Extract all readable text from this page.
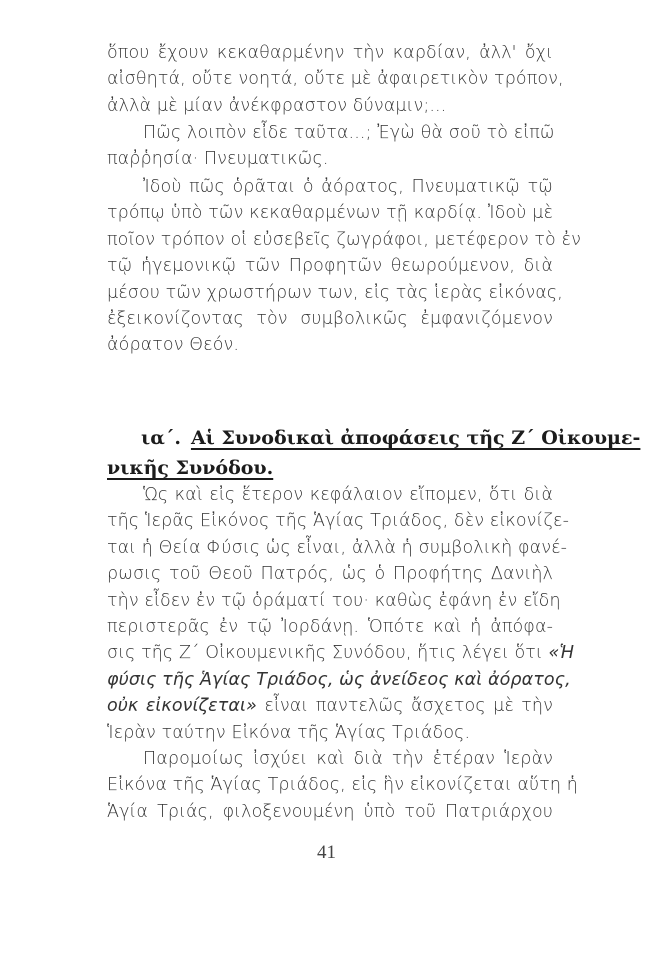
ὅπου ἔχουν κεκαθαρμένην τὴν καρδίαν, ἀλλ' ὄχι
αἰσθητά, οὔτε νοητά, οὔτε μὲ ἀφαιρετικὸν τρόπον,
ἀλλὰ μὲ μίαν ἀνέκφραστον δύναμιν;...
Πῶς λοιπὸν εἶδε ταῦτα...; Ἐγὼ θὰ σοῦ τὸ εἰπῶ
παῤῥησία· Πνευματικῶς.
Ἰδοὺ πῶς ὁρᾶται ὁ ἀόρατος, Πνευματικῷ τῷ
τρόπῳ ὑπὸ τῶν κεκαθαρμένων τῇ καρδίᾳ. Ἰδοὺ μὲ
ποῖον τρόπον οἱ εὐσεβεῖς ζωγράφοι, μετέφερον τὸ ἐν
τῷ ἡγεμονικῷ τῶν Προφητῶν θεωρούμενον, διὰ
μέσου τῶν χρωστήρων των, εἰς τὰς ἱερὰς εἰκόνας,
ἐξεικονίζοντας τὸν συμβολικῶς ἐμφανιζόμενον
ἀόρατον Θεόν.
ια΄. Αἱ Συνοδικαὶ ἀποφάσεις τῆς Ζ΄ Οἰκουμε-
νικῆς Συνόδου.
Ὡς καὶ εἰς ἕτερον κεφάλαιον εἴπομεν, ὅτι διὰ
τῆς Ἱερᾶς Εἰκόνος τῆς Ἁγίας Τριάδος, δὲν εἰκονίζε-
ται ἡ Θεία Φύσις ὡς εἶναι, ἀλλὰ ἡ συμβολικὴ φανέ-
ρωσις τοῦ Θεοῦ Πατρός, ὡς ὁ Προφήτης Δανιὴλ
τὴν εἶδεν ἐν τῷ ὁράματί του· καθὼς ἐφάνη ἐν εἴδη
περιστερᾶς ἐν τῷ Ἰορδάνῃ. Ὁπότε καὶ ἡ ἀπόφα-
σις τῆς Ζ΄ Οἰκουμενικῆς Συνόδου, ἥτις λέγει ὅτι «Ἡ
φύσις τῆς Ἁγίας Τριάδος, ὡς ἀνείδεος καὶ ἀόρατος,
οὐκ εἰκονίζεται» εἶναι παντελῶς ἄσχετος μὲ τὴν
Ἱερὰν ταύτην Εἰκόνα τῆς Ἁγίας Τριάδος.
Παρομοίως ἰσχύει καὶ διὰ τὴν ἑτέραν Ἱερὰν
Εἰκόνα τῆς Ἁγίας Τριάδος, εἰς ἣν εἰκονίζεται αὕτη ἡ
Ἁγία Τριάς, φιλοξενουμένη ὑπὸ τοῦ Πατριάρχου
41
